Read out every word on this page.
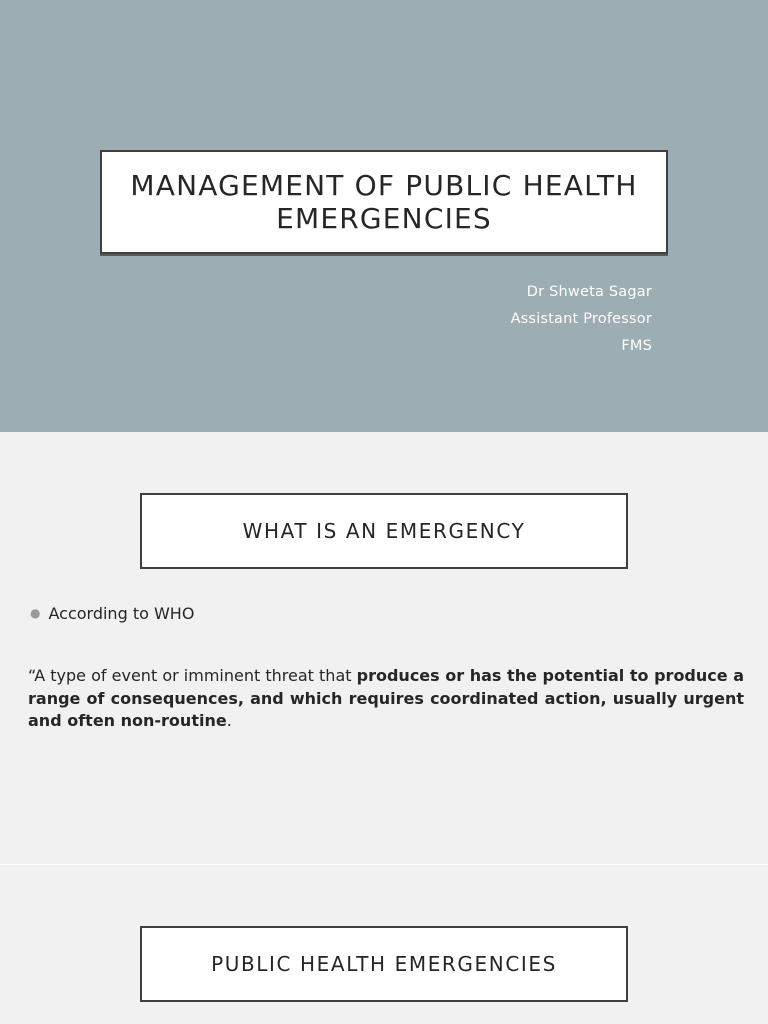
MANAGEMENT OF PUBLIC HEALTH EMERGENCIES
Dr Shweta Sagar
Assistant Professor
FMS
WHAT IS AN EMERGENCY
● According to WHO

“A type of event or imminent threat that produces or has the potential to produce a range of consequences, and which requires coordinated action, usually urgent and often non-routine.

PUBLIC HEALTH EMERGENCIES
